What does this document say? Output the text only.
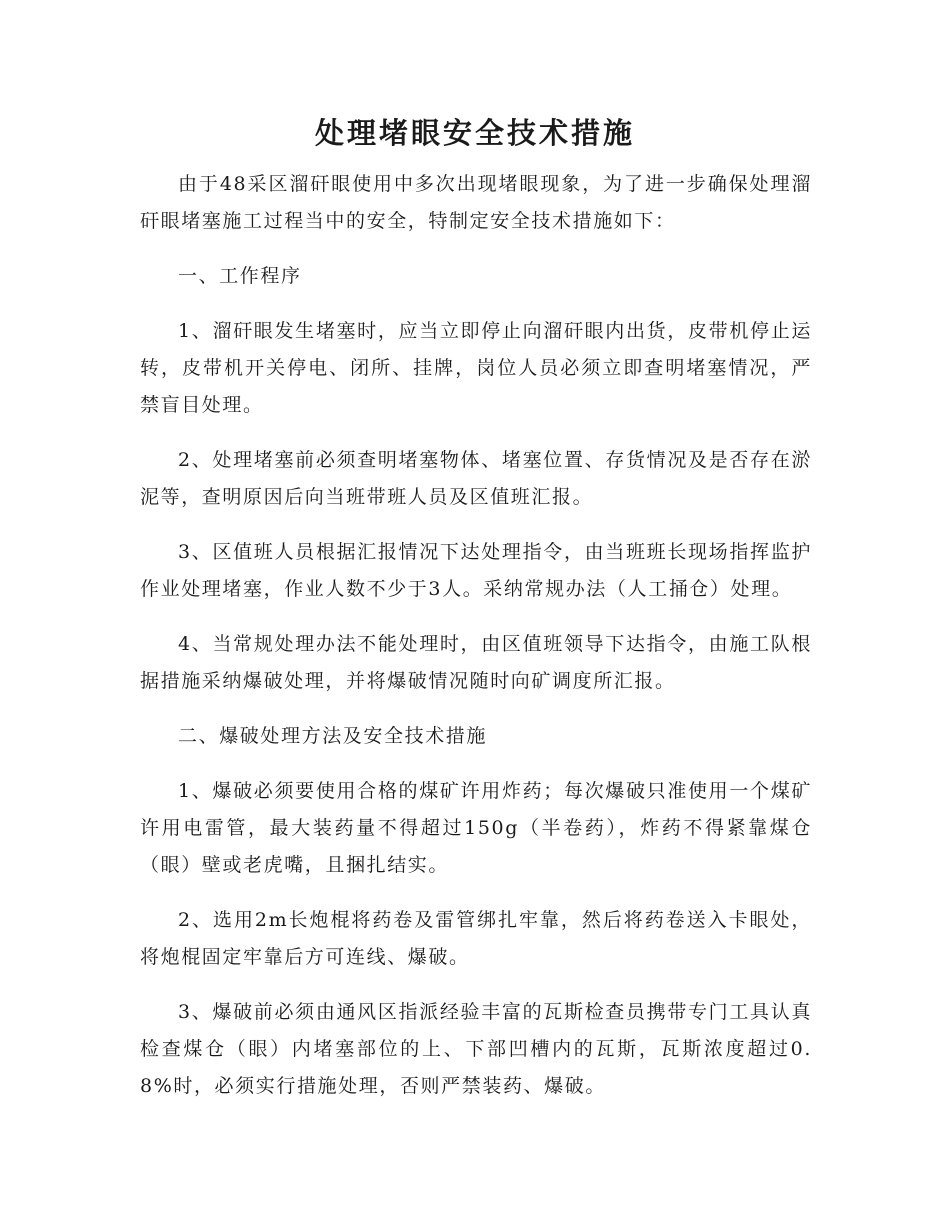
处理堵眼安全技术措施

由于48采区溜矸眼使用中多次出现堵眼现象，为了进一步确保处理溜矸眼堵塞施工过程当中的安全，特制定安全技术措施如下：

一、工作程序

1、溜矸眼发生堵塞时，应当立即停止向溜矸眼内出货，皮带机停止运转，皮带机开关停电、闭所、挂牌，岗位人员必须立即查明堵塞情况，严禁盲目处理。

2、处理堵塞前必须查明堵塞物体、堵塞位置、存货情况及是否存在淤泥等，查明原因后向当班带班人员及区值班汇报。

3、区值班人员根据汇报情况下达处理指令，由当班班长现场指挥监护作业处理堵塞，作业人数不少于3人。采纳常规办法（人工捅仓）处理。

4、当常规处理办法不能处理时，由区值班领导下达指令，由施工队根据措施采纳爆破处理，并将爆破情况随时向矿调度所汇报。

二、爆破处理方法及安全技术措施

1、爆破必须要使用合格的煤矿许用炸药；每次爆破只准使用一个煤矿许用电雷管，最大装药量不得超过150g（半卷药），炸药不得紧靠煤仓（眼）壁或老虎嘴，且捆扎结实。

2、选用2m长炮棍将药卷及雷管绑扎牢靠，然后将药卷送入卡眼处，将炮棍固定牢靠后方可连线、爆破。

3、爆破前必须由通风区指派经验丰富的瓦斯检查员携带专门工具认真检查煤仓（眼）内堵塞部位的上、下部凹槽内的瓦斯，瓦斯浓度超过0.8%时，必须实行措施处理，否则严禁装药、爆破。
